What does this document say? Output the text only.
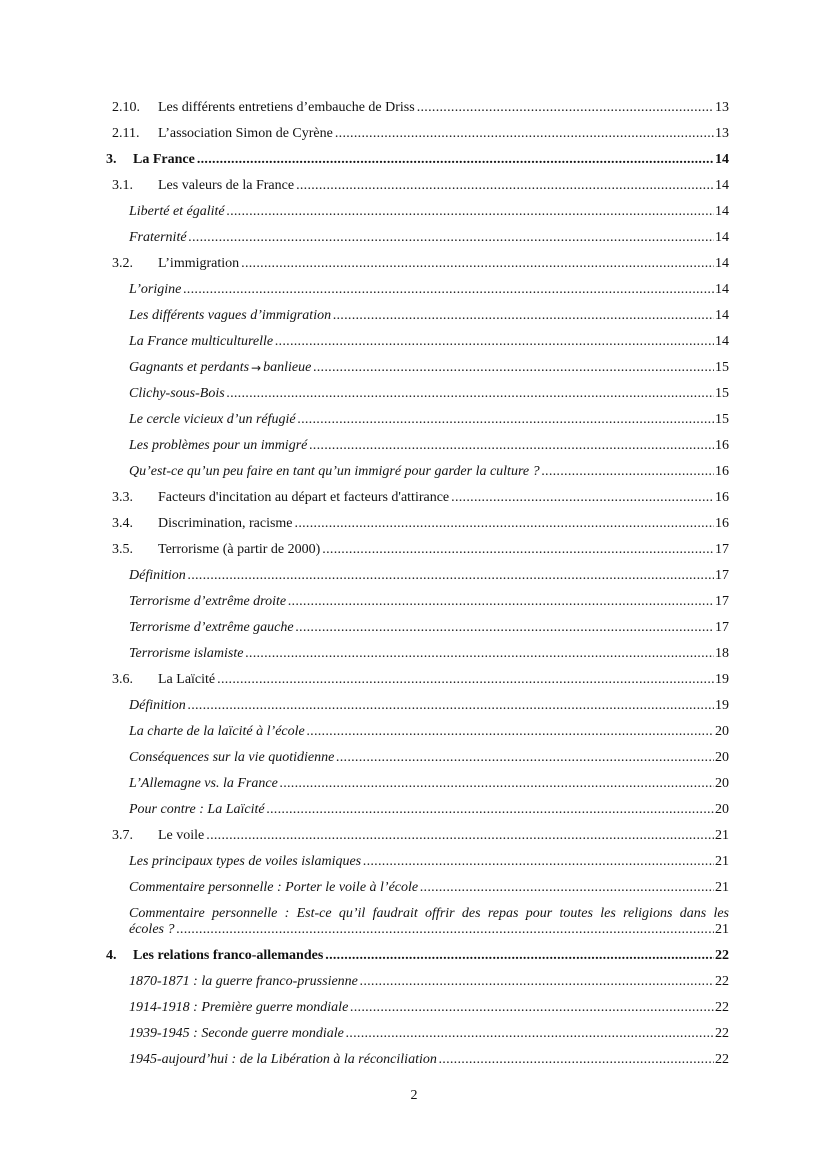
2.10.	Les différents entretiens d’embauche de Driss .....	13
2.11.	L’association Simon de Cyrène .....	13
3.	La France .....	14
3.1.	Les valeurs de la France .....	14
Liberté et égalité .....	14
Fraternité .....	14
3.2.	L’immigration .....	14
L’origine .....	14
Les différents vagues d’immigration .....	14
La France multiculturelle .....	14
Gagnants et perdants → banlieue .....	15
Clichy-sous-Bois .....	15
Le cercle vicieux d’un réfugié .....	15
Les problèmes pour un immigré .....	16
Qu’est-ce qu’un peu faire en tant qu’un immigré pour garder la culture ? .....	16
3.3.	Facteurs d'incitation au départ et facteurs d'attirance .....	16
3.4.	Discrimination, racisme .....	16
3.5.	Terrorisme (à partir de 2000) .....	17
Définition .....	17
Terrorisme d’extrême droite .....	17
Terrorisme d’extrême gauche .....	17
Terrorisme islamiste .....	18
3.6.	La Laïcité .....	19
Définition .....	19
La charte de la laïcité à l’école .....	20
Conséquences sur la vie quotidienne .....	20
L’Allemagne vs. la France .....	20
Pour contre : La Laïcité .....	20
3.7.	Le voile .....	21
Les principaux types de voiles islamiques .....	21
Commentaire personnelle : Porter le voile à l’école .....	21
Commentaire personnelle : Est-ce qu’il faudrait offrir des repas pour toutes les religions dans les
écoles ? .....	21
4.	Les relations franco-allemandes .....	22
1870-1871 : la guerre franco-prussienne .....	22
1914-1918 : Première guerre mondiale .....	22
1939-1945 : Seconde guerre mondiale .....	22
1945-aujourd’hui : de la Libération à la réconciliation .....	22
2
